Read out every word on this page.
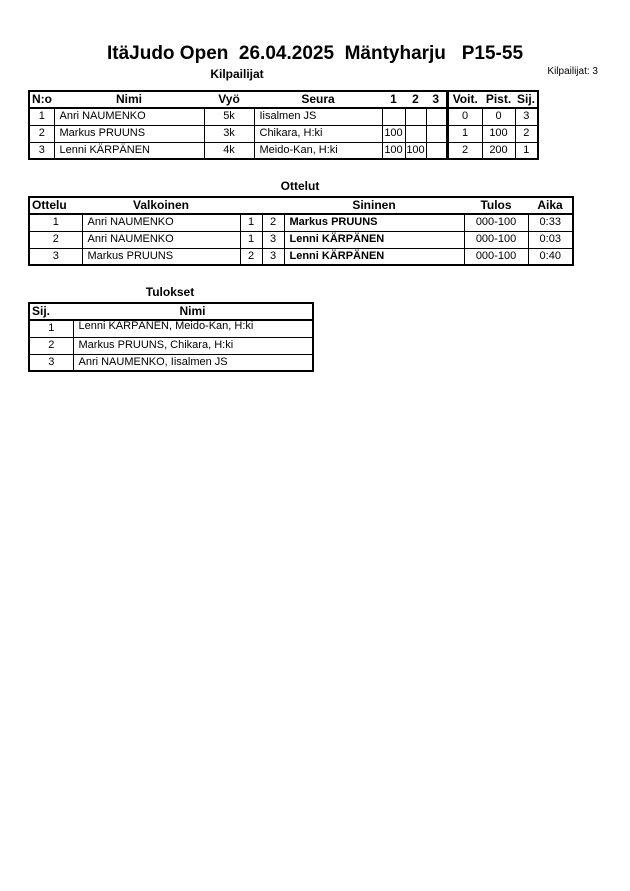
ItäJudo Open  26.04.2025  Mäntyharju   P15-55
Kilpailijat	Kilpailijat: 3
N:o	Nimi	Vyö	Seura	1	2	3	Voit.	Pist.	Sij.
1	Anri NAUMENKO	5k	Iisalmen JS				0	0	3
2	Markus PRUUNS	3k	Chikara, H:ki	100			1	100	2
3	Lenni KÄRPÄNEN	4k	Meido-Kan, H:ki	100	100		2	200	1
Ottelut
Ottelu	Valkoinen			Sininen	Tulos	Aika
1	Anri NAUMENKO	1	2	Markus PRUUNS	000-100	0:33
2	Anri NAUMENKO	1	3	Lenni KÄRPÄNEN	000-100	0:03
3	Markus PRUUNS	2	3	Lenni KÄRPÄNEN	000-100	0:40
Tulokset
Sij.	Nimi
1	Lenni KÄRPÄNEN, Meido-Kan, H:ki

2	Markus PRUUNS, Chikara, H:ki
3	Anri NAUMENKO, Iisalmen JS
